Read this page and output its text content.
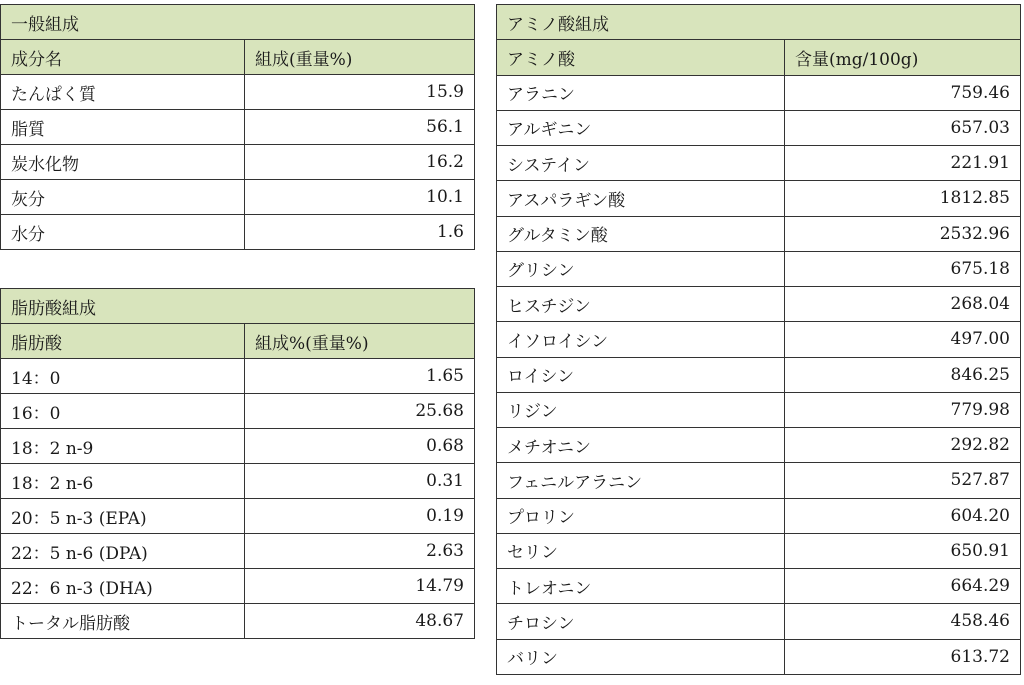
一般組成	
成分名	組成(重量%)
たんぱく質	15.9
脂質	56.1
炭水化物	16.2
灰分	10.1
水分	1.6
脂肪酸組成	
脂肪酸	組成%(重量%)
14：0	1.65
16：0	25.68
18：2 n-9	0.68
18：2 n-6	0.31
20：5 n-3 (EPA)	0.19
22：5 n-6 (DPA)	2.63
22：6 n-3 (DHA)	14.79
トータル脂肪酸	48.67
アミノ酸組成	
アミノ酸	含量(mg/100g)
アラニン	759.46
アルギニン	657.03
システイン	221.91
アスパラギン酸	1812.85
グルタミン酸	2532.96
グリシン	675.18
ヒスチジン	268.04
イソロイシン	497.00
ロイシン	846.25
リジン	779.98
メチオニン	292.82
フェニルアラニン	527.87
プロリン	604.20
セリン	650.91
トレオニン	664.29
チロシン	458.46
バリン	613.72
